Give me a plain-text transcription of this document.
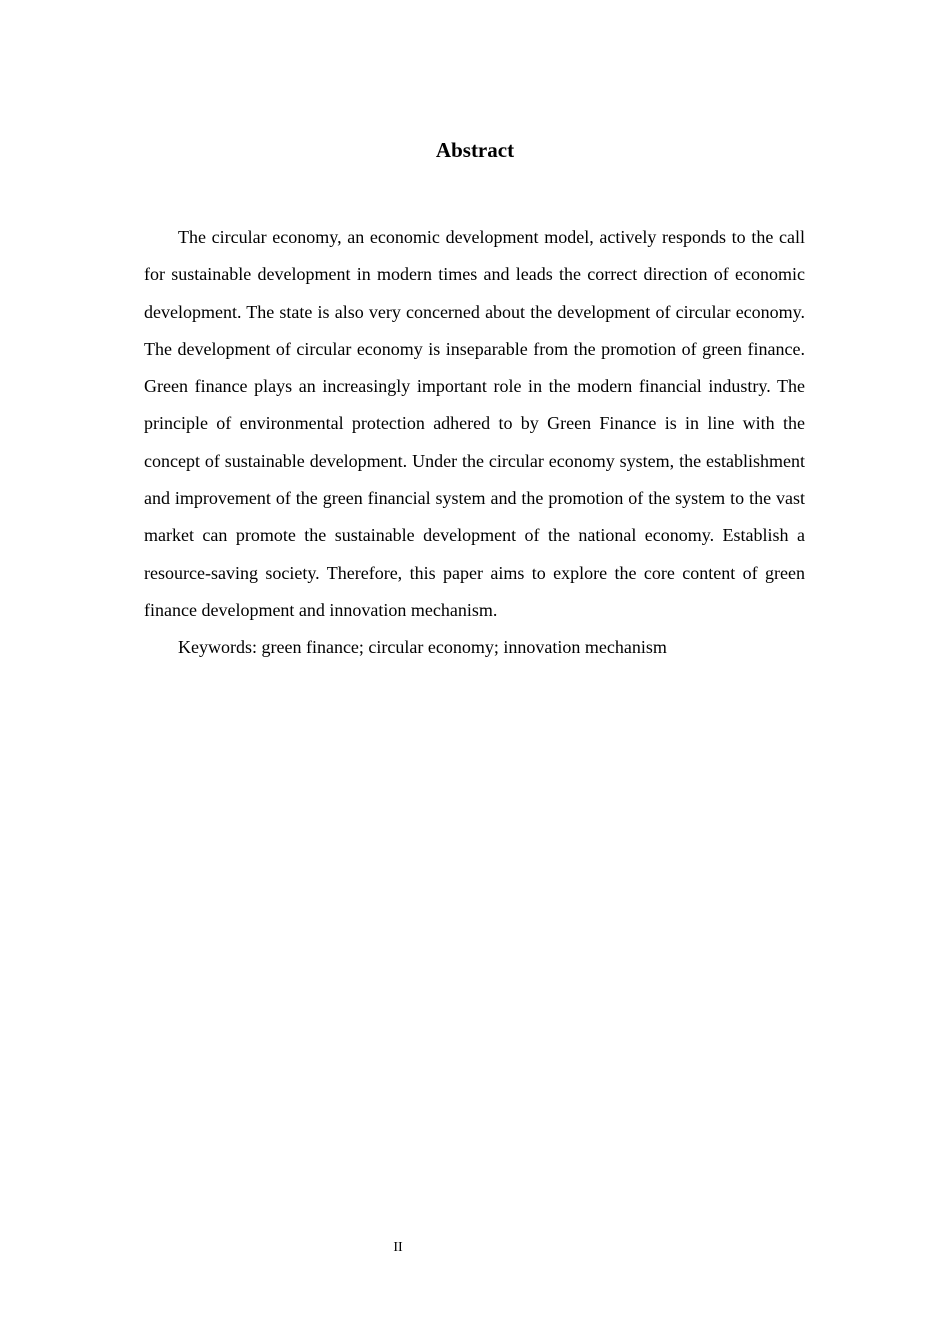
Abstract

The circular economy, an economic development model, actively responds to the call for sustainable development in modern times and leads the correct direction of economic development. The state is also very concerned about the development of circular economy. The development of circular economy is inseparable from the promotion of green finance. Green finance plays an increasingly important role in the modern financial industry. The principle of environmental protection adhered to by Green Finance is in line with the concept of sustainable development. Under the circular economy system, the establishment and improvement of the green financial system and the promotion of the system to the vast market can promote the sustainable development of the national economy. Establish a resource-saving society. Therefore, this paper aims to explore the core content of green finance development and innovation mechanism.

Keywords: green finance; circular economy; innovation mechanism

II
